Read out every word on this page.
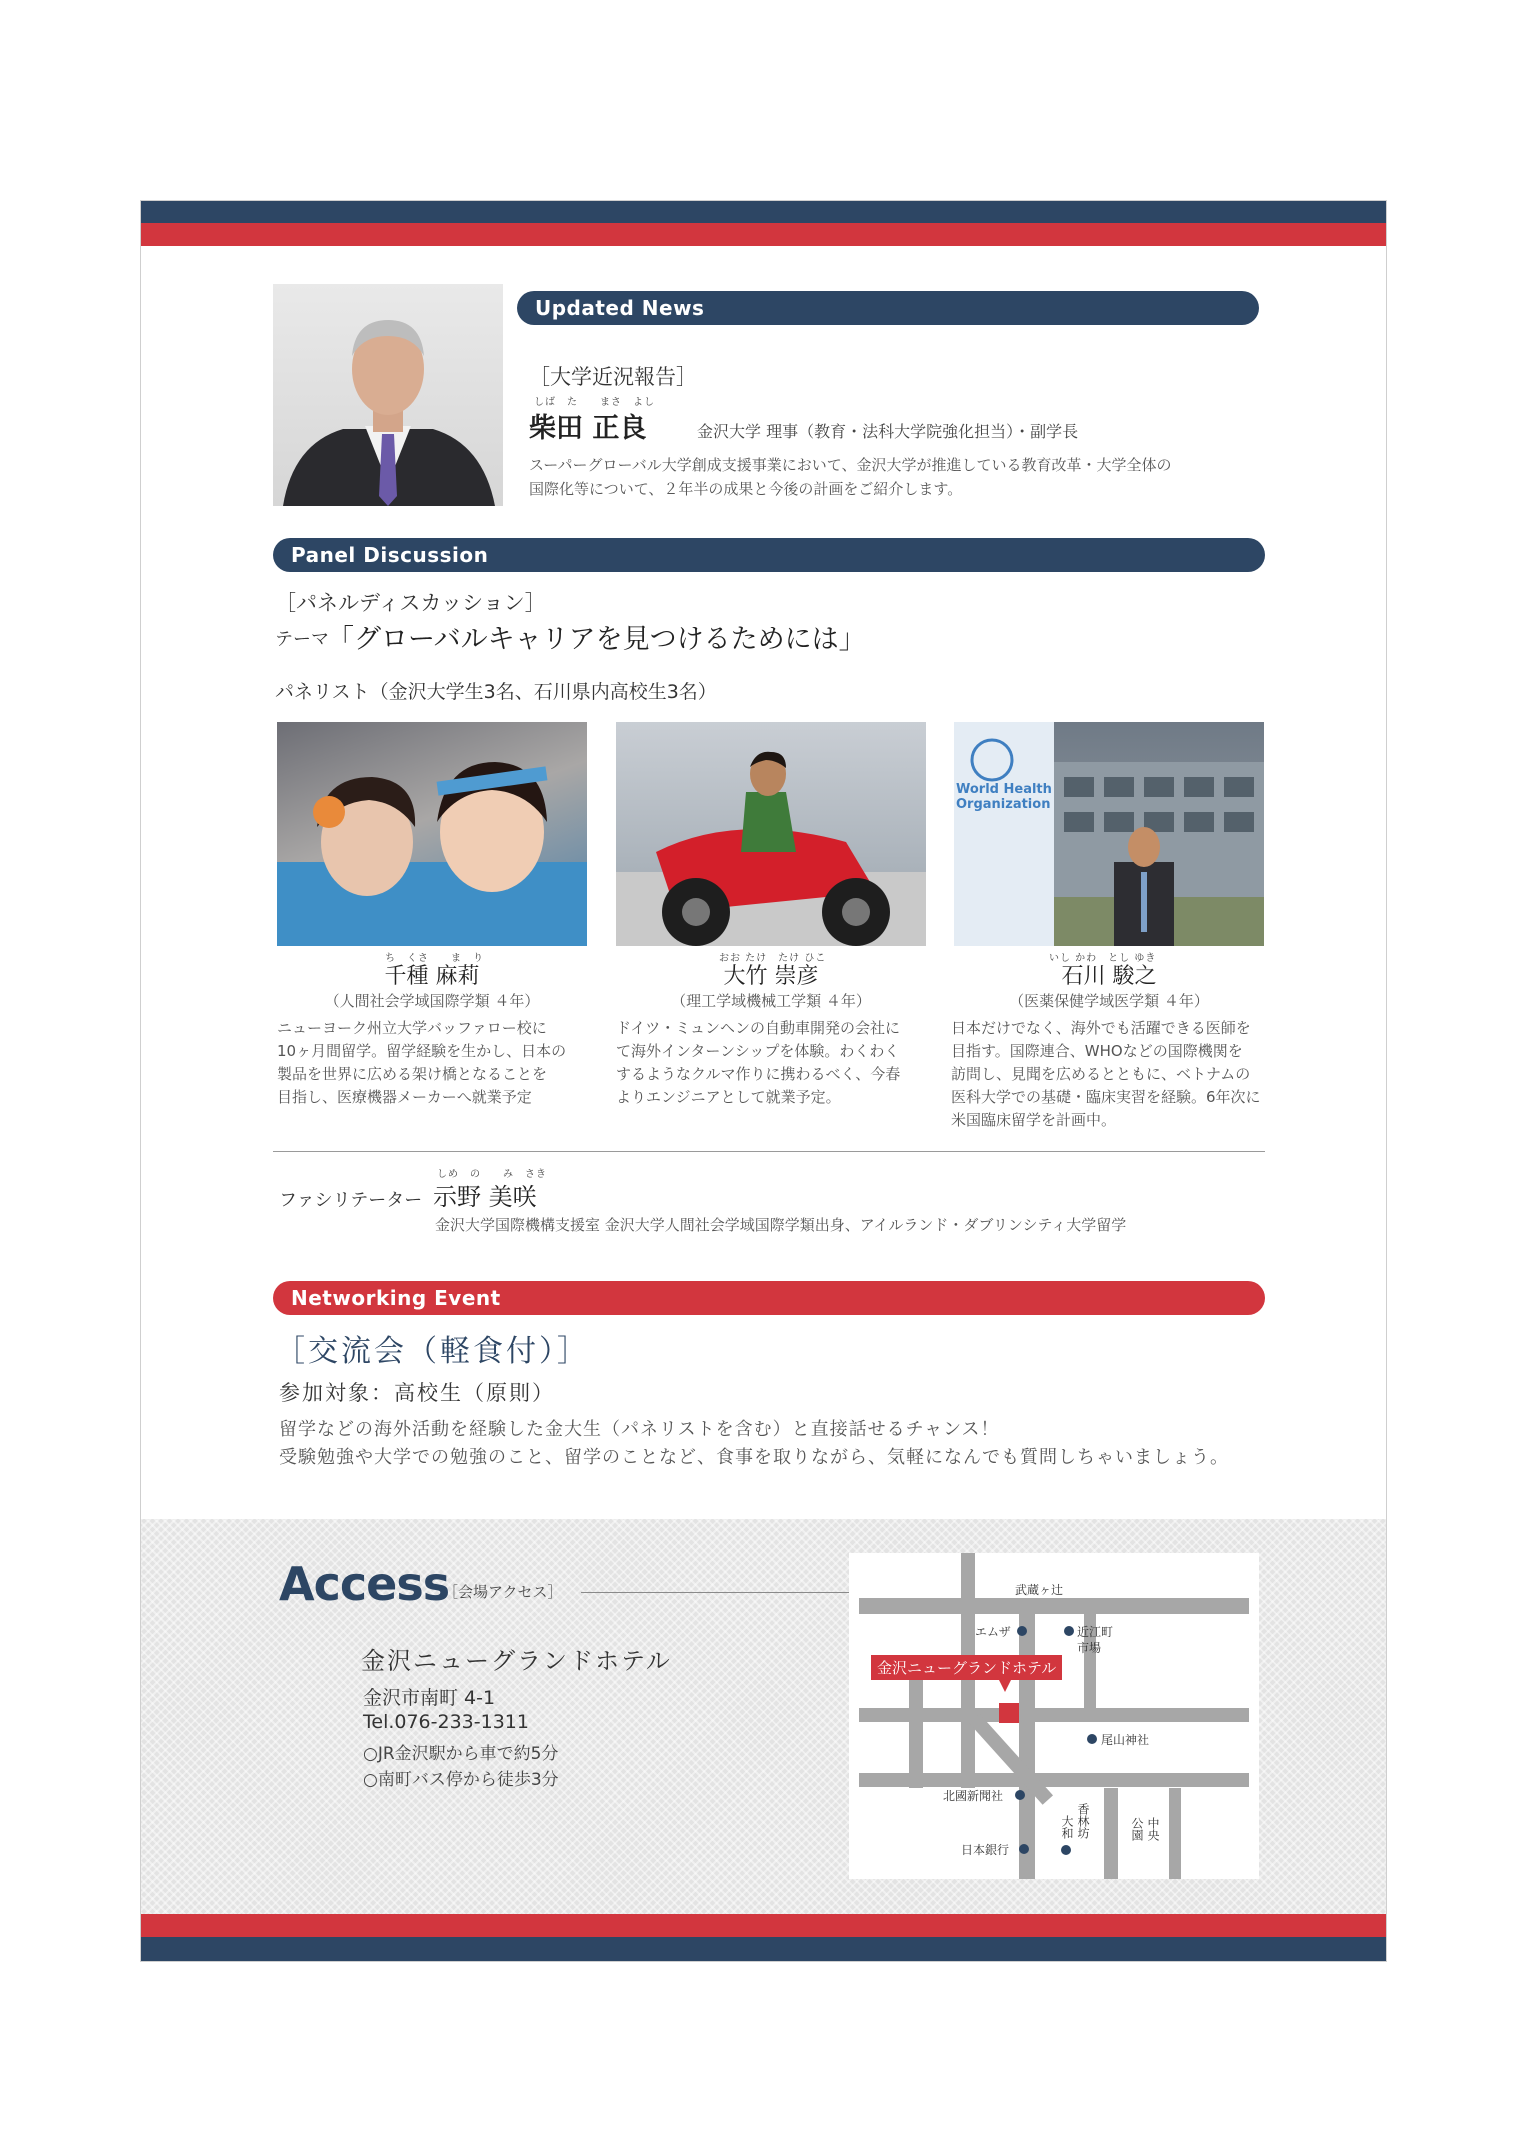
Updated News
［大学近況報告］
しば　た　　まさ　よし
柴田 正良	金沢大学 理事（教育・法科大学院強化担当）・副学長
スーパーグローバル大学創成支援事業において、金沢大学が推進している教育改革・大学全体の
国際化等について、２年半の成果と今後の計画をご紹介します。
Panel Discussion
［パネルディスカッション］
テーマ
「グローバルキャリアを見つけるためには」
パネリスト（金沢大学生3名、石川県内高校生3名）
World Health Organization
ち　くさ　　ま　り
千種 麻莉
（人間社会学域国際学類 ４年）
ニューヨーク州立大学バッファロー校に
10ヶ月間留学。留学経験を生かし、日本の
製品を世界に広める架け橋となることを
目指し、医療機器メーカーへ就業予定
おお たけ　たけ ひこ
大竹 崇彦
（理工学域機械工学類 ４年）
ドイツ・ミュンヘンの自動車開発の会社に
て海外インターンシップを体験。わくわく
するようなクルマ作りに携わるべく、今春
よりエンジニアとして就業予定。
いし かわ　とし ゆき
石川 駿之
（医薬保健学域医学類 ４年）
日本だけでなく、海外でも活躍できる医師を
目指す。国際連合、WHOなどの国際機関を
訪問し、見聞を広めるとともに、ベトナムの
医科大学での基礎・臨床実習を経験。6年次に
米国臨床留学を計画中。
ファシリテーター
しめ　の　　み　さき
示野 美咲
金沢大学国際機構支援室 金沢大学人間社会学域国際学類出身、アイルランド・ダブリンシティ大学留学
Networking Event
［交流会（軽食付）］
参加対象：高校生（原則）
留学などの海外活動を経験した金大生（パネリストを含む）と直接話せるチャンス！
受験勉強や大学での勉強のこと、留学のことなど、食事を取りながら、気軽になんでも質問しちゃいましょう。
Access
［会場アクセス］
金沢ニューグランドホテル
金沢市南町 4-1
Tel.076-233-1311
○JR金沢駅から車で約5分
○南町バス停から徒歩3分
武蔵ヶ辻
エムザ	近江町
市場
金沢ニューグランドホテル
尾山神社
北國新聞社
香林坊
大和	中央
公園
日本銀行
